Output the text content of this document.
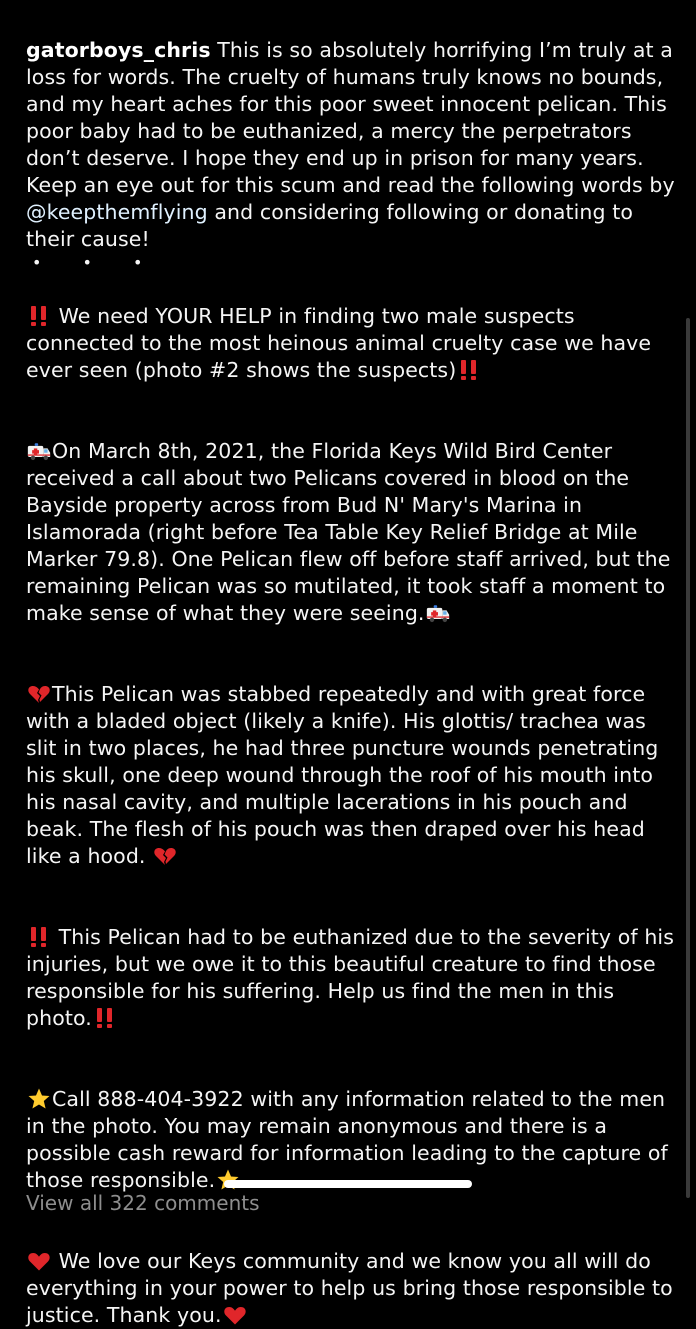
gatorboys_chris This is so absolutely horrifying I’m truly at a loss for words. The cruelty of humans truly knows no bounds, and my heart aches for this poor sweet innocent pelican. This poor baby had to be euthanized, a mercy the perpetrators don’t deserve. I hope they end up in prison for many years. Keep an eye out for this scum and read the following words by @keepthemflying and considering following or donating to their cause!

• • •

We need YOUR HELP in finding two male suspects connected to the most heinous animal cruelty case we have ever seen (photo #2 shows the suspects)

On March 8th, 2021, the Florida Keys Wild Bird Center received a call about two Pelicans covered in blood on the Bayside property across from Bud N' Mary's Marina in Islamorada (right before Tea Table Key Relief Bridge at Mile Marker 79.8). One Pelican flew off before staff arrived, but the remaining Pelican was so mutilated, it took staff a moment to make sense of what they were seeing.

This Pelican was stabbed repeatedly and with great force with a bladed object (likely a knife). His glottis/ trachea was slit in two places, he had three puncture wounds penetrating his skull, one deep wound through the roof of his mouth into his nasal cavity, and multiple lacerations in his pouch and beak. The flesh of his pouch was then draped over his head like a hood.

This Pelican had to be euthanized due to the severity of his injuries, but we owe it to this beautiful creature to find those responsible for his suffering. Help us find the men in this photo.

Call 888-404-3922 with any information related to the men in the photo. You may remain anonymous and there is a possible cash reward for information leading to the capture of those responsible.

We love our Keys community and we know you all will do everything in your power to help us bring those responsible to justice. Thank you.

View all 322 comments
